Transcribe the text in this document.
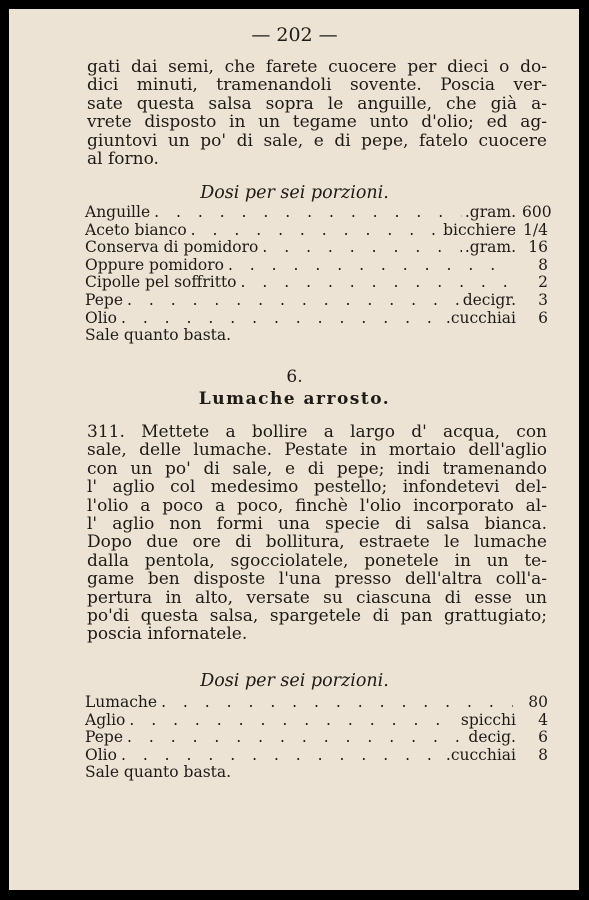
— 202 —
gati dai semi, che farete cuocere per dieci o do-
dici minuti, tramenandoli sovente. Poscia ver-
sate questa salsa sopra le anguille, che già a-
vrete disposto in un tegame unto d'olio; ed ag-
giuntovi un po' di sale, e di pepe, fatelo cuocere
al forno.
Dosi per sei porzioni.
Anguille . . .	.gram. 600
Aceto bianco . . .	bicchiere 1/4
Conserva di pomidoro . . .	.gram. 16
Oppure pomidoro . . .	8
Cipolle pel soffritto . . .	2
Pepe . . .	decigr.	3
Olio . . .	.cucchiai	6
Sale quanto basta.
6.
Lumache arrosto.
311. Mettete a bollire a largo d' acqua, con
sale, delle lumache. Pestate in mortaio dell'aglio
con un po' di sale, e di pepe; indi tramenando
l' aglio col medesimo pestello; infondetevi del-
l'olio a poco a poco, finchè l'olio incorporato al-
l' aglio non formi una specie di salsa bianca.
Dopo due ore di bollitura, estraete le lumache
dalla pentola, sgocciolatele, ponetele in un te-
game ben disposte l'una presso dell'altra coll'a-
pertura in alto, versate su ciascuna di esse un
po'di questa salsa, spargetele di pan grattugiato;
poscia infornatele.
Dosi per sei porzioni.
Lumache . . .	80
Aglio . . .	spicchi	4
Pepe . . .	decig.	6
Olio . . .	.cucchiai	8
Sale quanto basta.
